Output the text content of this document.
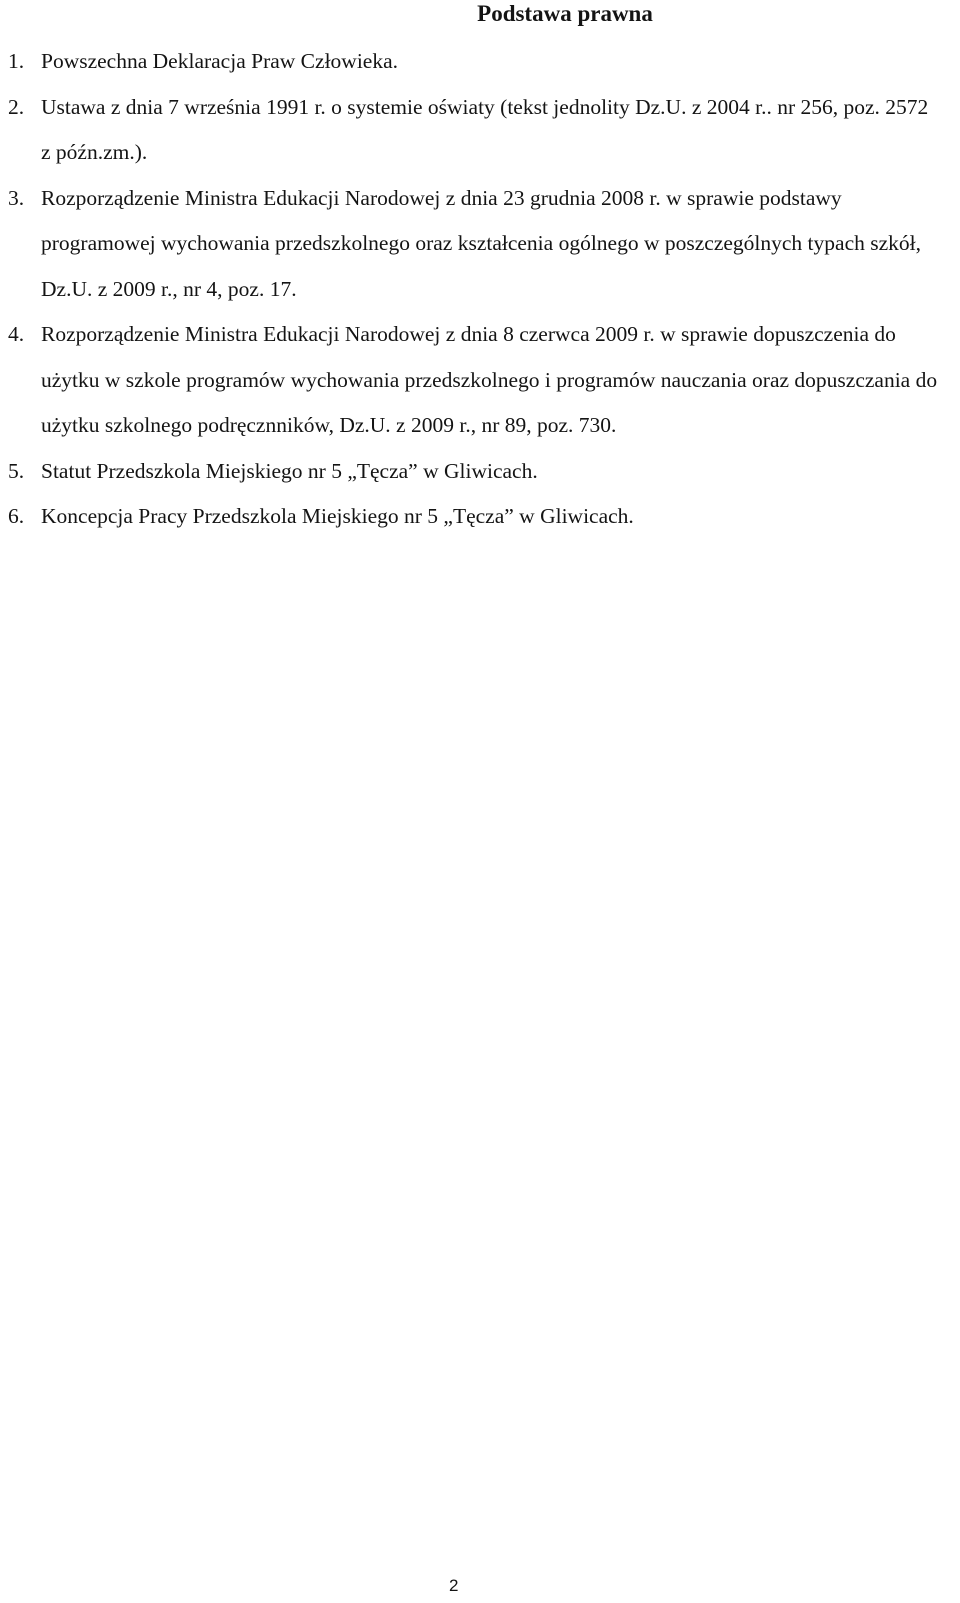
Podstawa prawna
1. Powszechna Deklaracja Praw Człowieka.
2. Ustawa z dnia 7 września 1991 r. o systemie oświaty (tekst jednolity Dz.U. z 2004 r.. nr 256, poz. 2572 z późn.zm.).
3. Rozporządzenie Ministra Edukacji Narodowej z dnia 23 grudnia 2008 r. w sprawie podstawy programowej wychowania przedszkolnego oraz kształcenia ogólnego w poszczególnych typach szkół, Dz.U. z 2009 r., nr 4, poz. 17.
4. Rozporządzenie Ministra Edukacji Narodowej z dnia 8 czerwca 2009 r. w sprawie dopuszczenia do użytku w szkole programów wychowania przedszkolnego i programów nauczania oraz dopuszczania do użytku szkolnego podręcznników, Dz.U. z 2009 r., nr 89, poz. 730.
5. Statut Przedszkola Miejskiego nr 5 „Tęcza” w Gliwicach.
6. Koncepcja Pracy Przedszkola Miejskiego nr 5 „Tęcza” w Gliwicach.
2
